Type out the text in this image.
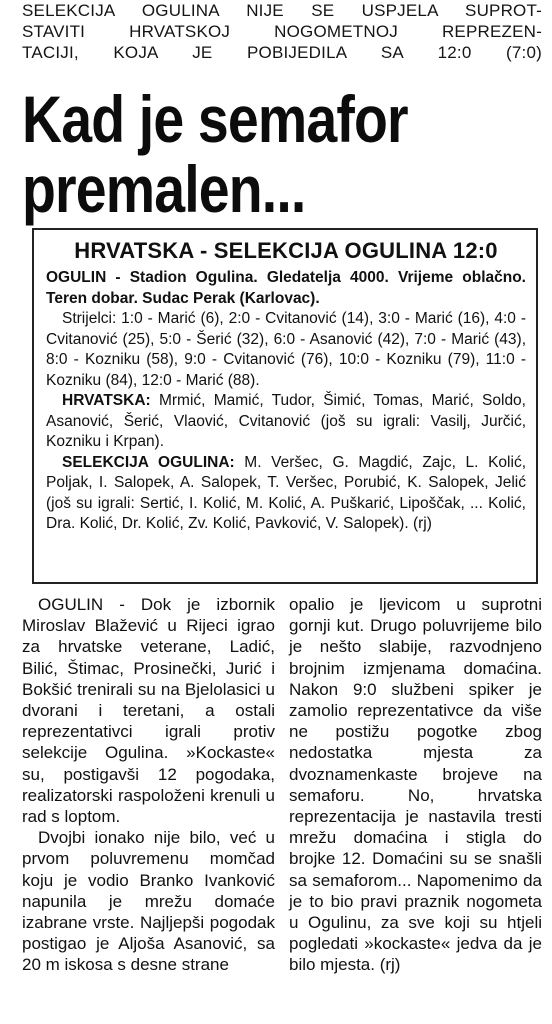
SELEKCIJA OGULINA NIJE SE USPJELA SUPROT-
STAVITI HRVATSKOJ NOGOMETNOJ REPREZEN-
TACIJI, KOJA JE POBIJEDILA SA 12:0 (7:0)
Kad je semafor
premalen...
HRVATSKA - SELEKCIJA OGULINA 12:0

OGULIN - Stadion Ogulina. Gledatelja 4000. Vrijeme oblačno. Teren dobar. Sudac Perak (Karlovac).

Strijelci: 1:0 - Marić (6), 2:0 - Cvitanović (14), 3:0 - Marić (16), 4:0 - Cvitanović (25), 5:0 - Šerić (32), 6:0 - Asanović (42), 7:0 - Marić (43), 8:0 - Kozniku (58), 9:0 - Cvitanović (76), 10:0 - Kozniku (79), 11:0 - Kozniku (84), 12:0 - Marić (88).

HRVATSKA: Mrmić, Mamić, Tudor, Šimić, Tomas, Marić, Soldo, Asanović, Šerić, Vlaović, Cvitanović (još su igrali: Vasilj, Jurčić, Kozniku i Krpan).

SELEKCIJA OGULINA: M. Veršec, G. Magdić, Zajc, L. Kolić, Poljak, I. Salopek, A. Salopek, T. Veršec, Porubić, K. Salopek, Jelić (još su igrali: Sertić, I. Kolić, M. Kolić, A. Puškarić, Lipoščak, ... Kolić, Dra. Kolić, Dr. Kolić, Zv. Kolić, Pavković, V. Salopek). (rj)

OGULIN - Dok je izbornik Miroslav Blažević u Rijeci igrao za hrvatske veterane, Ladić, Bilić, Štimac, Prosinečki, Jurić i Bokšić trenirali su na Bjelolasici u dvorani i teretani, a ostali reprezentativci igrali protiv selekcije Ogulina. »Kockaste« su, postigavši 12 pogodaka, realizatorski raspoloženi krenuli u rad s loptom.

Dvojbi ionako nije bilo, već u prvom poluvremenu momčad koju je vodio Branko Ivanković napunila je mrežu domaće izabrane vrste. Najljepši pogodak postigao je Aljoša Asanović, sa 20 m iskosa s desne strane

opalio je ljevicom u suprotni gornji kut. Drugo poluvrijeme bilo je nešto slabije, razvodnjeno brojnim izmjenama domaćina. Nakon 9:0 službeni spiker je zamolio reprezentativce da više ne postižu pogotke zbog nedostatka mjesta za dvoznamenkaste brojeve na semaforu. No, hrvatska reprezentacija je nastavila tresti mrežu domaćina i stigla do brojke 12. Domaćini su se snašli sa semaforom... Napomenimo da je to bio pravi praznik nogometa u Ogulinu, za sve koji su htjeli pogledati »kockaste« jedva da je bilo mjesta. (rj)
